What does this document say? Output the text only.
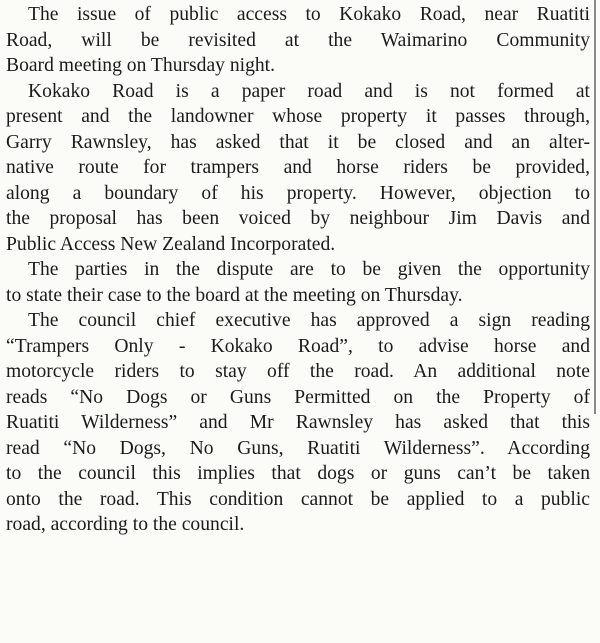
The issue of public access to Kokako Road, near Ruatiti
Road, will be revisited at the Waimarino Community
Board meeting on Thursday night.

Kokako Road is a paper road and is not formed at
present and the landowner whose property it passes through,
Garry Rawnsley, has asked that it be closed and an alter-
native route for trampers and horse riders be provided,
along a boundary of his property. However, objection to
the proposal has been voiced by neighbour Jim Davis and
Public Access New Zealand Incorporated.

The parties in the dispute are to be given the opportunity
to state their case to the board at the meeting on Thursday.

The council chief executive has approved a sign reading
“Trampers Only - Kokako Road”, to advise horse and
motorcycle riders to stay off the road. An additional note
reads “No Dogs or Guns Permitted on the Property of
Ruatiti Wilderness” and Mr Rawnsley has asked that this
read “No Dogs, No Guns, Ruatiti Wilderness”. According
to the council this implies that dogs or guns can’t be taken
onto the road. This condition cannot be applied to a public
road, according to the council.
